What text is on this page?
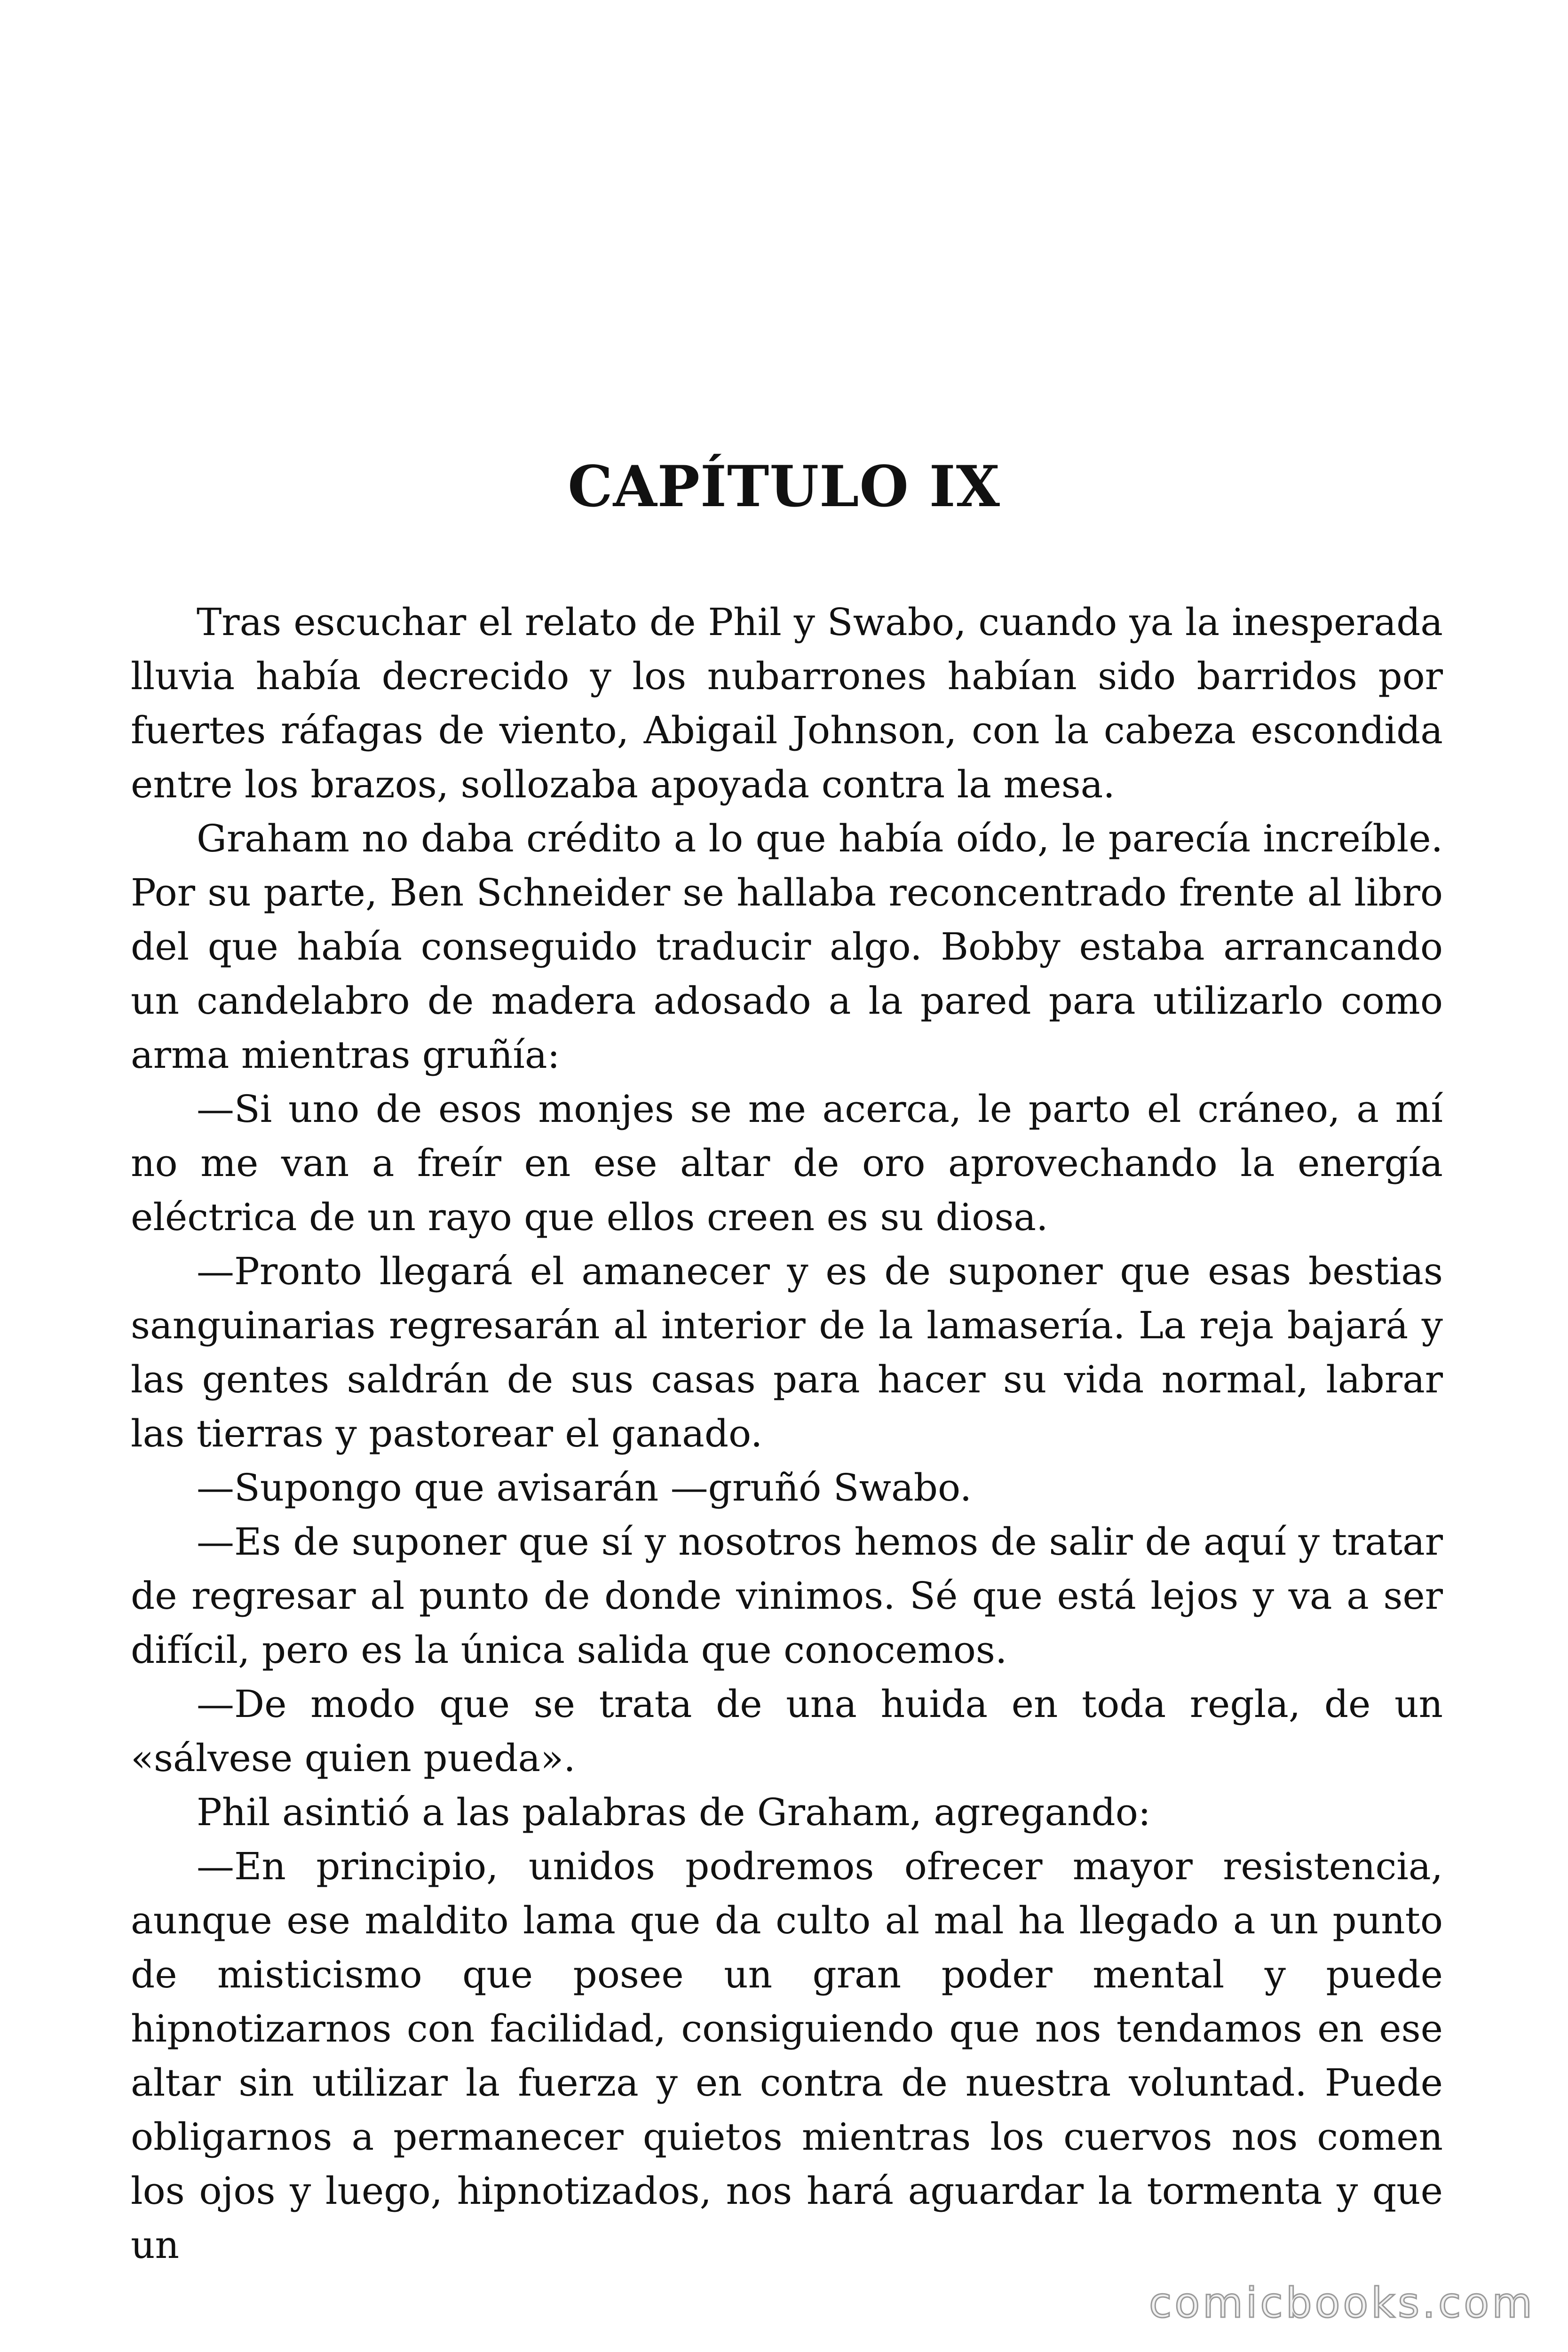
CAPÍTULO IX

Tras escuchar el relato de Phil y Swabo, cuando ya la inesperada lluvia había decrecido y los nubarrones habían sido barridos por fuertes ráfagas de viento, Abigail Johnson, con la cabeza escondida entre los brazos, sollozaba apoyada contra la mesa.

Graham no daba crédito a lo que había oído, le parecía increíble. Por su parte, Ben Schneider se hallaba reconcentrado frente al libro del que había conseguido traducir algo. Bobby estaba arrancando un candelabro de madera adosado a la pared para utilizarlo como arma mientras gruñía:

—Si uno de esos monjes se me acerca, le parto el cráneo, a mí no me van a freír en ese altar de oro aprovechando la energía eléctrica de un rayo que ellos creen es su diosa.

—Pronto llegará el amanecer y es de suponer que esas bestias sanguinarias regresarán al interior de la lamasería. La reja bajará y las gentes saldrán de sus casas para hacer su vida normal, labrar las tierras y pastorear el ganado.

—Supongo que avisarán —gruñó Swabo.

—Es de suponer que sí y nosotros hemos de salir de aquí y tratar de regresar al punto de donde vinimos. Sé que está lejos y va a ser difícil, pero es la única salida que conocemos.

—De modo que se trata de una huida en toda regla, de un «sálvese quien pueda».

Phil asintió a las palabras de Graham, agregando:

—En principio, unidos podremos ofrecer mayor resistencia, aunque ese maldito lama que da culto al mal ha llegado a un punto de misticismo que posee un gran poder mental y puede hipnotizarnos con facilidad, consiguiendo que nos tendamos en ese altar sin utilizar la fuerza y en contra de nuestra voluntad. Puede obligarnos a permanecer quietos mientras los cuervos nos comen los ojos y luego, hipnotizados, nos hará aguardar la tormenta y que un

comicbooks.com
